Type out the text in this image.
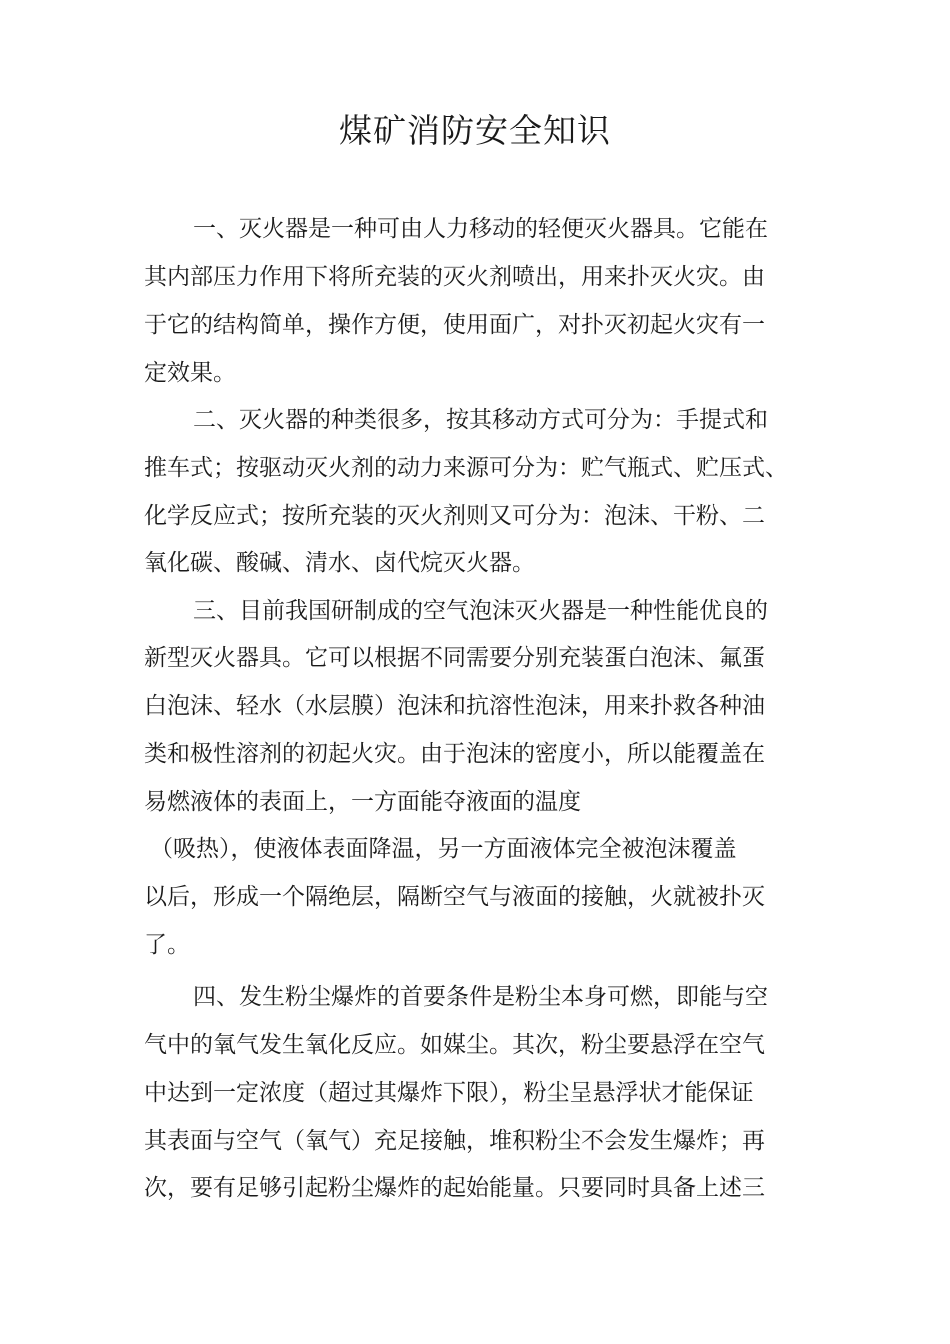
煤矿消防安全知识

一、灭火器是一种可由人力移动的轻便灭火器具。它能在

其内部压力作用下将所充装的灭火剂喷出，用来扑灭火灾。由

于它的结构简单，操作方便，使用面广，对扑灭初起火灾有一

定效果。

二、灭火器的种类很多，按其移动方式可分为：手提式和

推车式；按驱动灭火剂的动力来源可分为：贮气瓶式、贮压式、

化学反应式；按所充装的灭火剂则又可分为：泡沫、干粉、二

氧化碳、酸碱、清水、卤代烷灭火器。

三、目前我国研制成的空气泡沫灭火器是一种性能优良的

新型灭火器具。它可以根据不同需要分别充装蛋白泡沫、氟蛋

白泡沫、轻水（水层膜）泡沫和抗溶性泡沫，用来扑救各种油

类和极性溶剂的初起火灾。由于泡沫的密度小，所以能覆盖在

易燃液体的表面上，一方面能夺液面的温度

（吸热），使液体表面降温，另一方面液体完全被泡沫覆盖

以后，形成一个隔绝层，隔断空气与液面的接触，火就被扑灭

了。

四、发生粉尘爆炸的首要条件是粉尘本身可燃，即能与空

气中的氧气发生氧化反应。如媒尘。其次，粉尘要悬浮在空气

中达到一定浓度（超过其爆炸下限），粉尘呈悬浮状才能保证

其表面与空气（氧气）充足接触，堆积粉尘不会发生爆炸；再

次，要有足够引起粉尘爆炸的起始能量。只要同时具备上述三
